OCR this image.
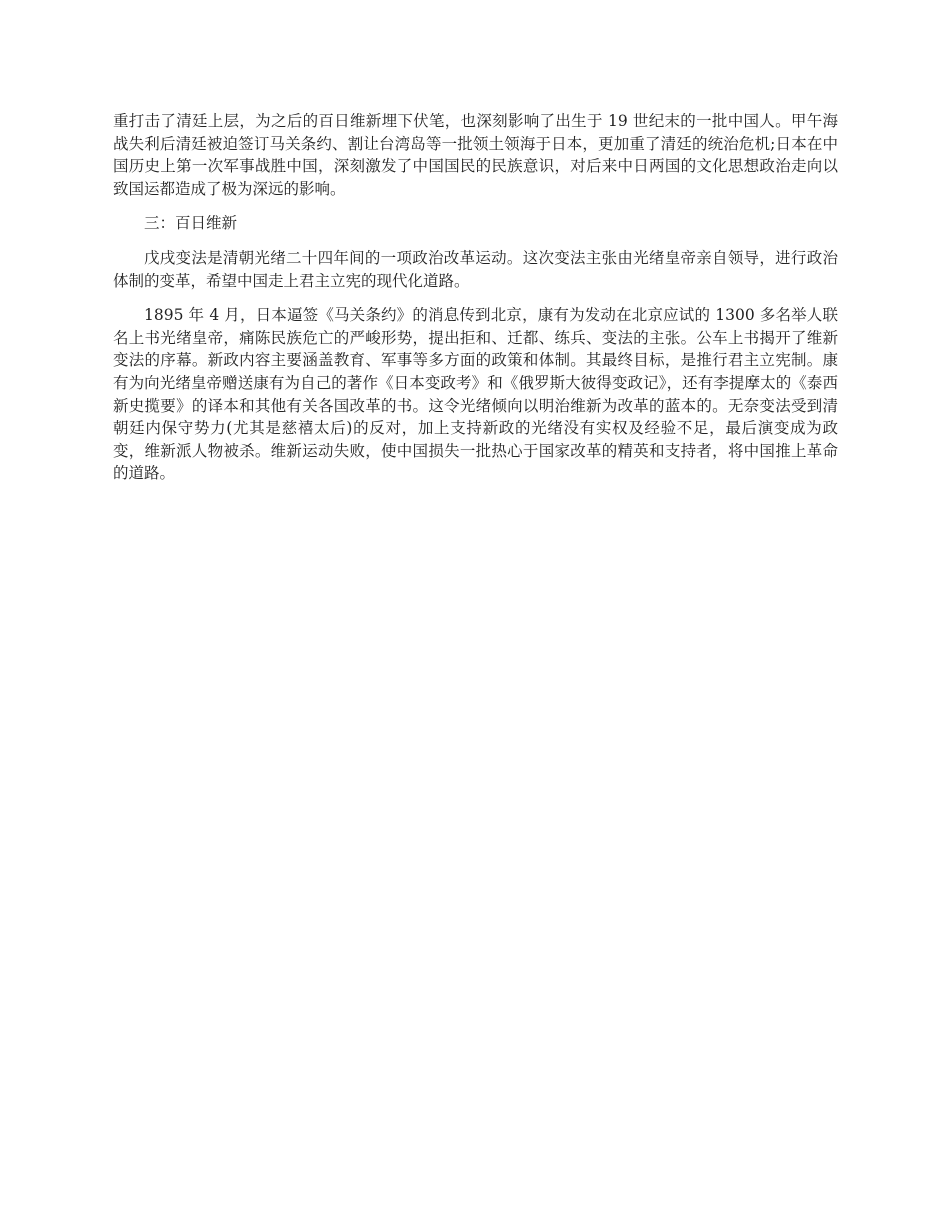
重打击了清廷上层，为之后的百日维新埋下伏笔，也深刻影响了出生于 19 世纪末的一批中国人。甲午海战失利后清廷被迫签订马关条约、割让台湾岛等一批领土领海于日本，更加重了清廷的统治危机;日本在中国历史上第一次军事战胜中国，深刻激发了中国国民的民族意识，对后来中日两国的文化思想政治走向以致国运都造成了极为深远的影响。

三：百日维新

戊戌变法是清朝光绪二十四年间的一项政治改革运动。这次变法主张由光绪皇帝亲自领导，进行政治体制的变革，希望中国走上君主立宪的现代化道路。

1895 年 4 月，日本逼签《马关条约》的消息传到北京，康有为发动在北京应试的 1300 多名举人联名上书光绪皇帝，痛陈民族危亡的严峻形势，提出拒和、迁都、练兵、变法的主张。公车上书揭开了维新变法的序幕。新政内容主要涵盖教育、军事等多方面的政策和体制。其最终目标，是推行君主立宪制。康有为向光绪皇帝赠送康有为自己的著作《日本变政考》和《俄罗斯大彼得变政记》，还有李提摩太的《泰西新史揽要》的译本和其他有关各国改革的书。这令光绪倾向以明治维新为改革的蓝本的。无奈变法受到清朝廷内保守势力(尤其是慈禧太后)的反对，加上支持新政的光绪没有实权及经验不足，最后演变成为政变，维新派人物被杀。维新运动失败，使中国损失一批热心于国家改革的精英和支持者，将中国推上革命的道路。
